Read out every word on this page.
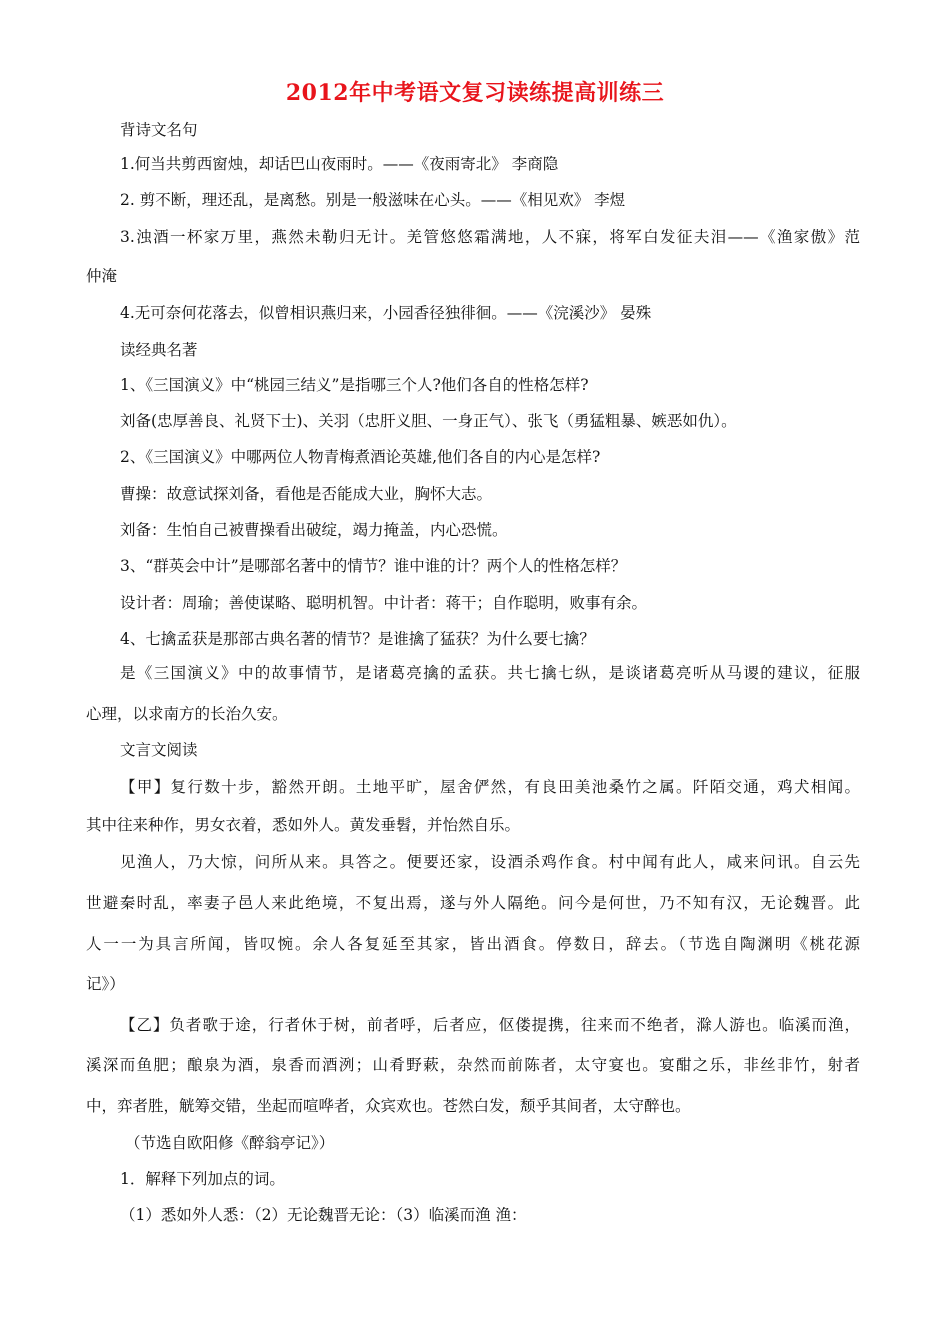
2012年中考语文复习读练提高训练三
背诗文名句
1.何当共剪西窗烛，却话巴山夜雨时。——《夜雨寄北》 李商隐
2. 剪不断，理还乱，是离愁。别是一般滋味在心头。——《相见欢》 李煜
3.浊酒一杯家万里，燕然未勒归无计。羌管悠悠霜满地，人不寐，将军白发征夫泪——《渔家傲》范
仲淹
4.无可奈何花落去，似曾相识燕归来，小园香径独徘徊。——《浣溪沙》 晏殊
读经典名著
1、《三国演义》中“桃园三结义”是指哪三个人?他们各自的性格怎样?
刘备(忠厚善良、礼贤下士)、关羽（忠肝义胆、一身正气）、张飞（勇猛粗暴、嫉恶如仇）。
2、《三国演义》中哪两位人物青梅煮酒论英雄,他们各自的内心是怎样?
曹操：故意试探刘备，看他是否能成大业，胸怀大志。
刘备：生怕自己被曹操看出破绽，竭力掩盖，内心恐慌。
3、“群英会中计”是哪部名著中的情节？谁中谁的计？两个人的性格怎样？
设计者：周瑜；善使谋略、聪明机智。中计者：蒋干；自作聪明，败事有余。
4、七擒孟获是那部古典名著的情节？是谁擒了猛获？为什么要七擒？
是《三国演义》中的故事情节，是诸葛亮擒的孟获。共七擒七纵，是谈诸葛亮听从马谡的建议，征服
心理，以求南方的长治久安。
文言文阅读
【甲】复行数十步，豁然开朗。土地平旷，屋舍俨然，有良田美池桑竹之属。阡陌交通，鸡犬相闻。
其中往来种作，男女衣着，悉如外人。黄发垂髫，并怡然自乐。
见渔人，乃大惊，问所从来。具答之。便要还家，设酒杀鸡作食。村中闻有此人，咸来问讯。自云先
世避秦时乱，率妻子邑人来此绝境，不复出焉，遂与外人隔绝。问今是何世，乃不知有汉，无论魏晋。此
人一一为具言所闻，皆叹惋。余人各复延至其家，皆出酒食。停数日，辞去。（节选自陶渊明《桃花源
记》）
【乙】负者歌于途，行者休于树，前者呼，后者应，伛偻提携，往来而不绝者，滁人游也。临溪而渔，
溪深而鱼肥；酿泉为酒，泉香而酒洌；山肴野蔌，杂然而前陈者，太守宴也。宴酣之乐，非丝非竹，射者
中，弈者胜，觥筹交错，坐起而喧哗者，众宾欢也。苍然白发，颓乎其间者，太守醉也。
（节选自欧阳修《醉翁亭记》）
1．解释下列加点的词。
（1）悉如外人悉：（2）无论魏晋无论：（3）临溪而渔 渔：
